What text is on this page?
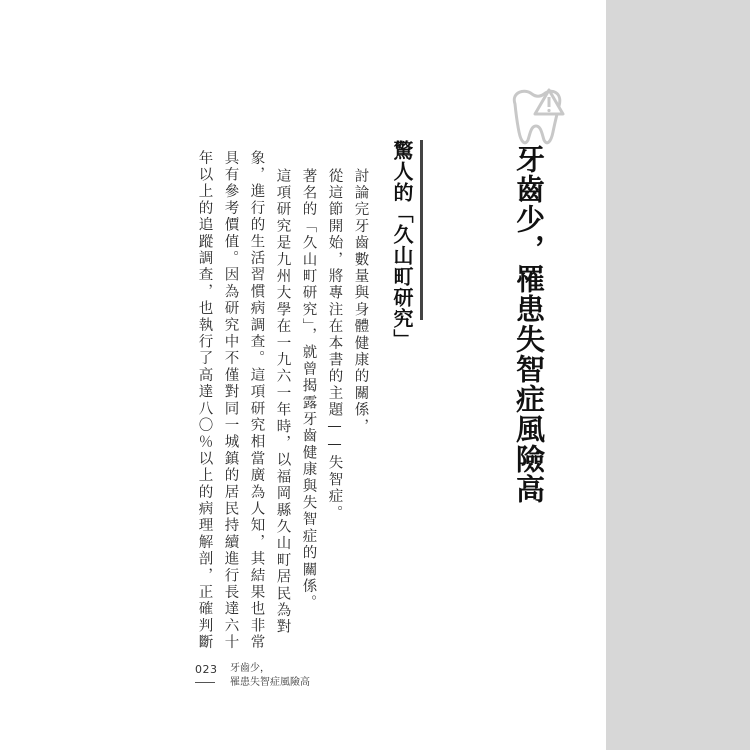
牙齒少，罹患失智症風險高
驚人的「久山町研究」
討論完牙齒數量與身體健康的關係，
從這節開始，將專注在本書的主題——失智症。
著名的「久山町研究」，就曾揭露牙齒健康與失智症的關係。
這項研究是九州大學在一九六一年時，以福岡縣久山町居民為對
象，進行的生活習慣病調查。這項研究相當廣為人知，其結果也非常
具有參考價值。因為研究中不僅對同一城鎮的居民持續進行長達六十
年以上的追蹤調查，也執行了高達八〇％以上的病理解剖，正確判斷
023 牙齒少，
罹患失智症風險高
